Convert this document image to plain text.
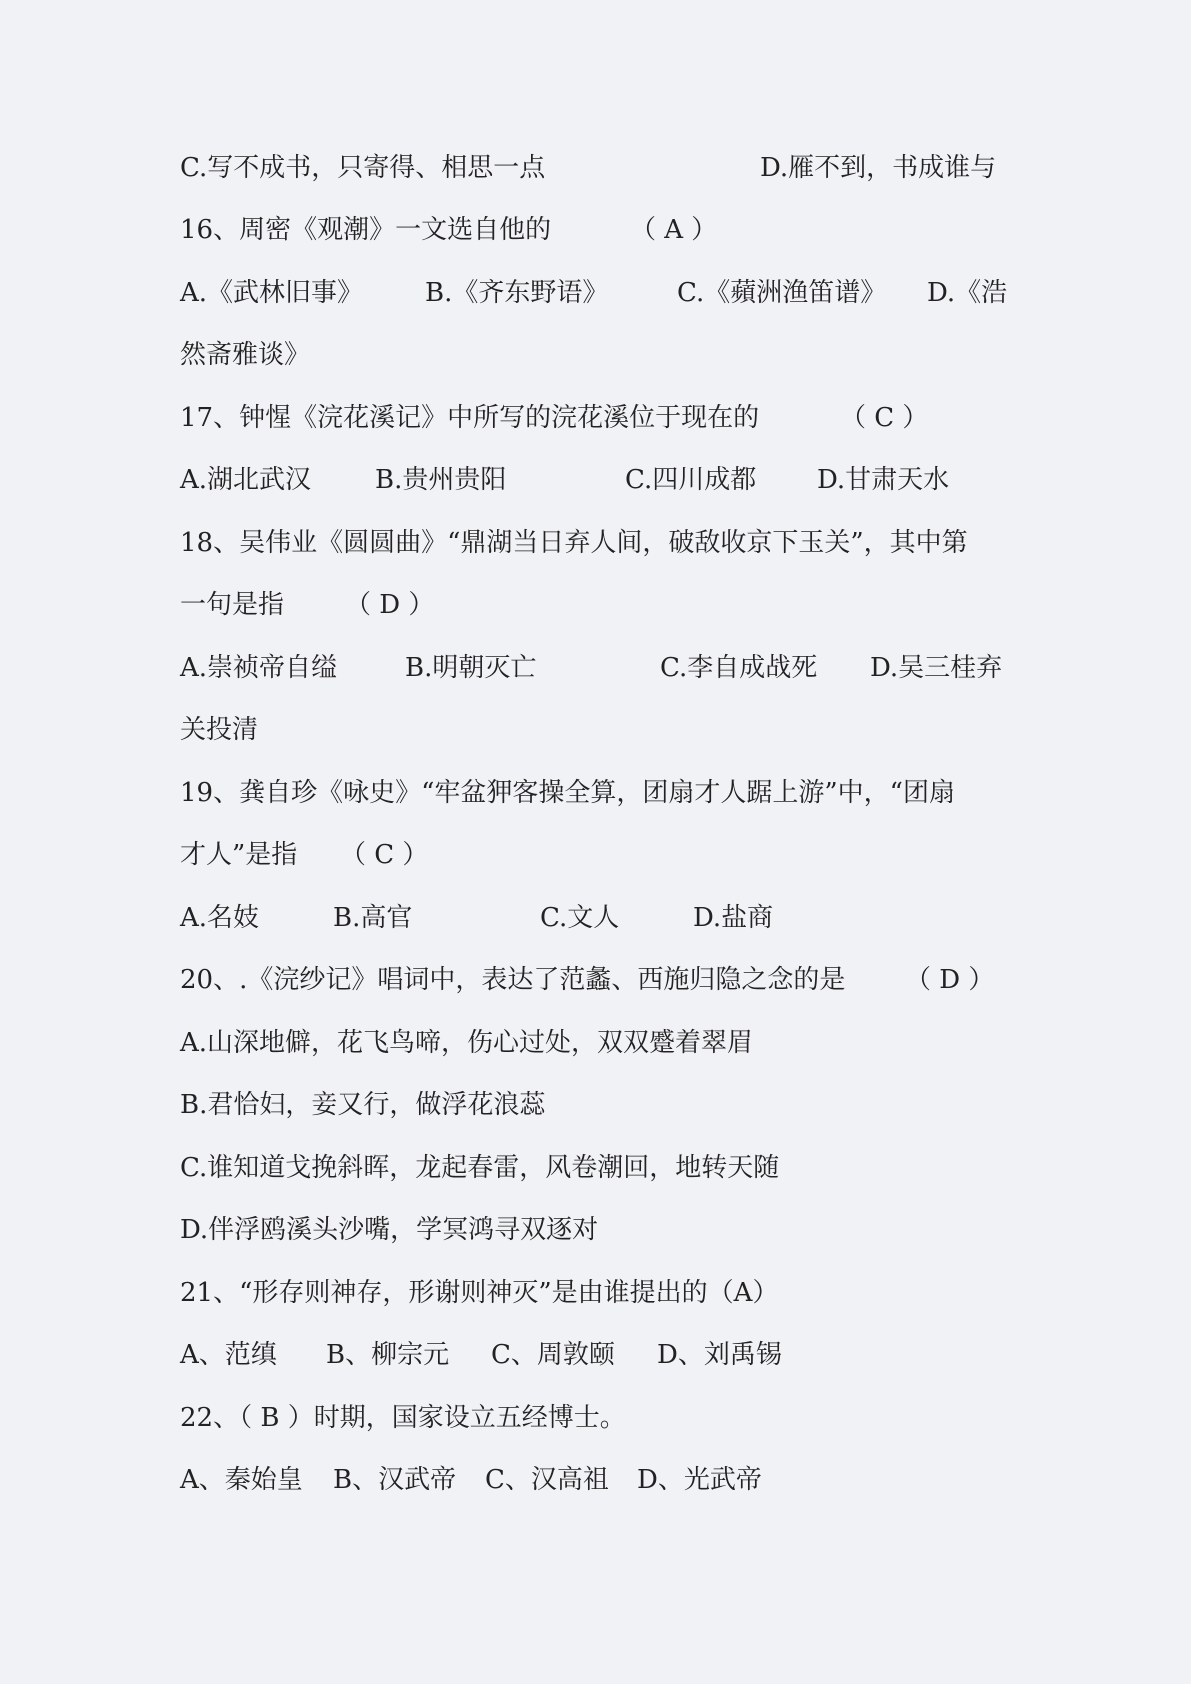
C.写不成书，只寄得、相思一点	D.雁不到，书成谁与
16、周密《观潮》一文选自他的	（ A ）
A.《武林旧事》 B.《齐东野语》	C.《蘋洲渔笛谱》 D.《浩
然斋雅谈》
17、钟惺《浣花溪记》中所写的浣花溪位于现在的	（ C ）
A.湖北武汉 B.贵州贵阳	C.四川成都 D.甘肃天水
18、吴伟业《圆圆曲》“鼎湖当日弃人间，破敌收京下玉关”，其中第
一句是指 （ D ）
A.崇祯帝自缢	B.明朝灭亡	C.李自成战死 D.吴三桂弃
关投清
19、龚自珍《咏史》“牢盆狎客操全算，团扇才人踞上游”中，“团扇
才人”是指 （ C ）
A.名妓	B.高官	C.文人	D.盐商
20、.《浣纱记》唱词中，表达了范蠡、西施归隐之念的是 （ D ）
A.山深地僻，花飞鸟啼，伤心过处，双双蹙着翠眉
B.君恰妇，妾又行，做浮花浪蕊
C.谁知道戈挽斜晖，龙起春雷，风卷潮回，地转天随
D.伴浮鸥溪头沙嘴，学冥鸿寻双逐对
21、“形存则神存，形谢则神灭”是由谁提出的（A）
A、范缜 B、柳宗元 C、周敦颐 D、刘禹锡
22、（ B ）时期，国家设立五经博士。
A、秦始皇 B、汉武帝 C、汉高祖 D、光武帝
